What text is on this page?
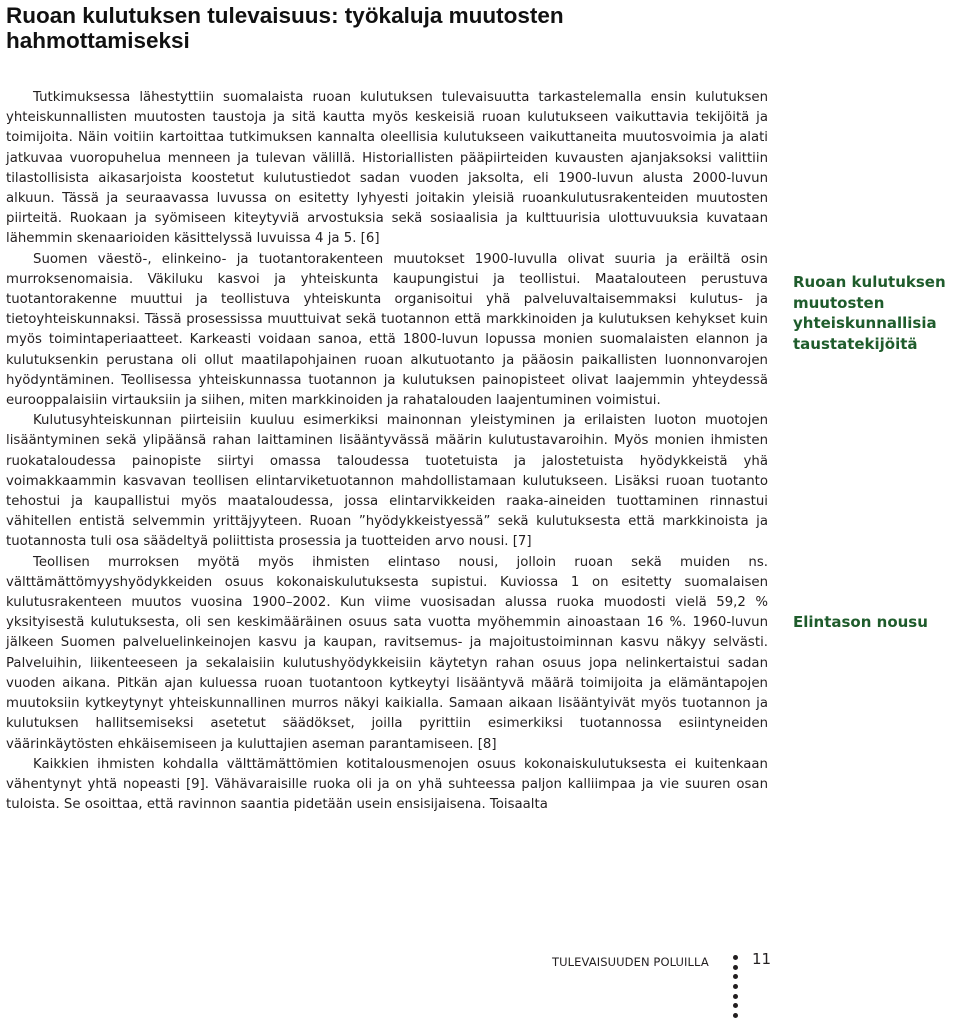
Ruoan kulutuksen tulevaisuus: työkaluja muutosten hahmottamiseksi

Tutkimuksessa lähestyttiin suomalaista ruoan kulutuksen tulevaisuutta tarkastelemalla ensin kulutuksen yhteiskunnallisten muutosten taustoja ja sitä kautta myös keskeisiä ruoan kulutukseen vaikuttavia tekijöitä ja toimijoita. Näin voitiin kartoittaa tutkimuksen kannalta oleellisia kulutukseen vaikuttaneita muutosvoimia ja alati jatkuvaa vuoropuhelua menneen ja tulevan välillä. Historiallisten pääpiirteiden kuvausten ajanjaksoksi valittiin tilastollisista aikasarjoista koostetut kulutustiedot sadan vuoden jaksolta, eli 1900-luvun alusta 2000-luvun alkuun. Tässä ja seuraavassa luvussa on esitetty lyhyesti joitakin yleisiä ruoankulutusrakenteiden muutosten piirteitä. Ruokaan ja syömiseen kiteytyviä arvostuksia sekä sosiaalisia ja kulttuurisia ulottuvuuksia kuvataan lähemmin skenaarioiden käsittelyssä luvuissa 4 ja 5. [6]

Suomen väestö-, elinkeino- ja tuotantorakenteen muutokset 1900-luvulla olivat suuria ja eräiltä osin murroksenomaisia. Väkiluku kasvoi ja yhteiskunta kaupungistui ja teollistui. Maatalouteen perustuva tuotantorakenne muuttui ja teollistuva yhteiskunta organisoitui yhä palveluvaltaisemmaksi kulutus- ja tietoyhteiskunnaksi. Tässä prosessissa muuttuivat sekä tuotannon että markkinoiden ja kulutuksen kehykset kuin myös toimintaperiaatteet. Karkeasti voidaan sanoa, että 1800-luvun lopussa monien suomalaisten elannon ja kulutuksenkin perustana oli ollut maatilapohjainen ruoan alkutuotanto ja pääosin paikallisten luonnonvarojen hyödyntäminen. Teollisessa yhteiskunnassa tuotannon ja kulutuksen painopisteet olivat laajemmin yhteydessä eurooppalaisiin virtauksiin ja siihen, miten markkinoiden ja rahatalouden laajentuminen voimistui.

Kulutusyhteiskunnan piirteisiin kuuluu esimerkiksi mainonnan yleistyminen ja erilaisten luoton muotojen lisääntyminen sekä ylipäänsä rahan laittaminen lisääntyvässä määrin kulutustavaroihin. Myös monien ihmisten ruokataloudessa painopiste siirtyi omassa taloudessa tuotetuista ja jalostetuista hyödykkeistä yhä voimakkaammin kasvavan teollisen elintarviketuotannon mahdollistamaan kulutukseen. Lisäksi ruoan tuotanto tehostui ja kaupallistui myös maataloudessa, jossa elintarvikkeiden raaka-aineiden tuottaminen rinnastui vähitellen entistä selvemmin yrittäjyyteen. Ruoan ”hyödykkeistyessä” sekä kulutuksesta että markkinoista ja tuotannosta tuli osa säädeltyä poliittista prosessia ja tuotteiden arvo nousi. [7]

Teollisen murroksen myötä myös ihmisten elintaso nousi, jolloin ruoan sekä muiden ns. välttämättömyyshyödykkeiden osuus kokonaiskulutuksesta supistui. Kuviossa 1 on esitetty suomalaisen kulutusrakenteen muutos vuosina 1900–2002. Kun viime vuosisadan alussa ruoka muodosti vielä 59,2 % yksityisestä kulutuksesta, oli sen keskimääräinen osuus sata vuotta myöhemmin ainoastaan 16 %. 1960-luvun jälkeen Suomen palveluelinkeinojen kasvu ja kaupan, ravitsemus- ja majoitustoiminnan kasvu näkyy selvästi. Palveluihin, liikenteeseen ja sekalaisiin kulutushyödykkeisiin käytetyn rahan osuus jopa nelinkertaistui sadan vuoden aikana. Pitkän ajan kuluessa ruoan tuotantoon kytkeytyi lisääntyvä määrä toimijoita ja elämäntapojen muutoksiin kytkeytynyt yhteiskunnallinen murros näkyi kaikialla. Samaan aikaan lisääntyivät myös tuotannon ja kulutuksen hallitsemiseksi asetetut säädökset, joilla pyrittiin esimerkiksi tuotannossa esiintyneiden väärinkäytösten ehkäisemiseen ja kuluttajien aseman parantamiseen. [8]

Kaikkien ihmisten kohdalla välttämättömien kotitalousmenojen osuus kokonaiskulutuksesta ei kuitenkaan vähentynyt yhtä nopeasti [9]. Vähävaraisille ruoka oli ja on yhä suhteessa paljon kalliimpaa ja vie suuren osan tuloista. Se osoittaa, että ravinnon saantia pidetään usein ensisijaisena. Toisaalta

Ruoan kulutuksen muutosten yhteiskunnallisia taustatekijöitä
Elintason nousu
TULEVAISUUDEN POLUILLA	11
